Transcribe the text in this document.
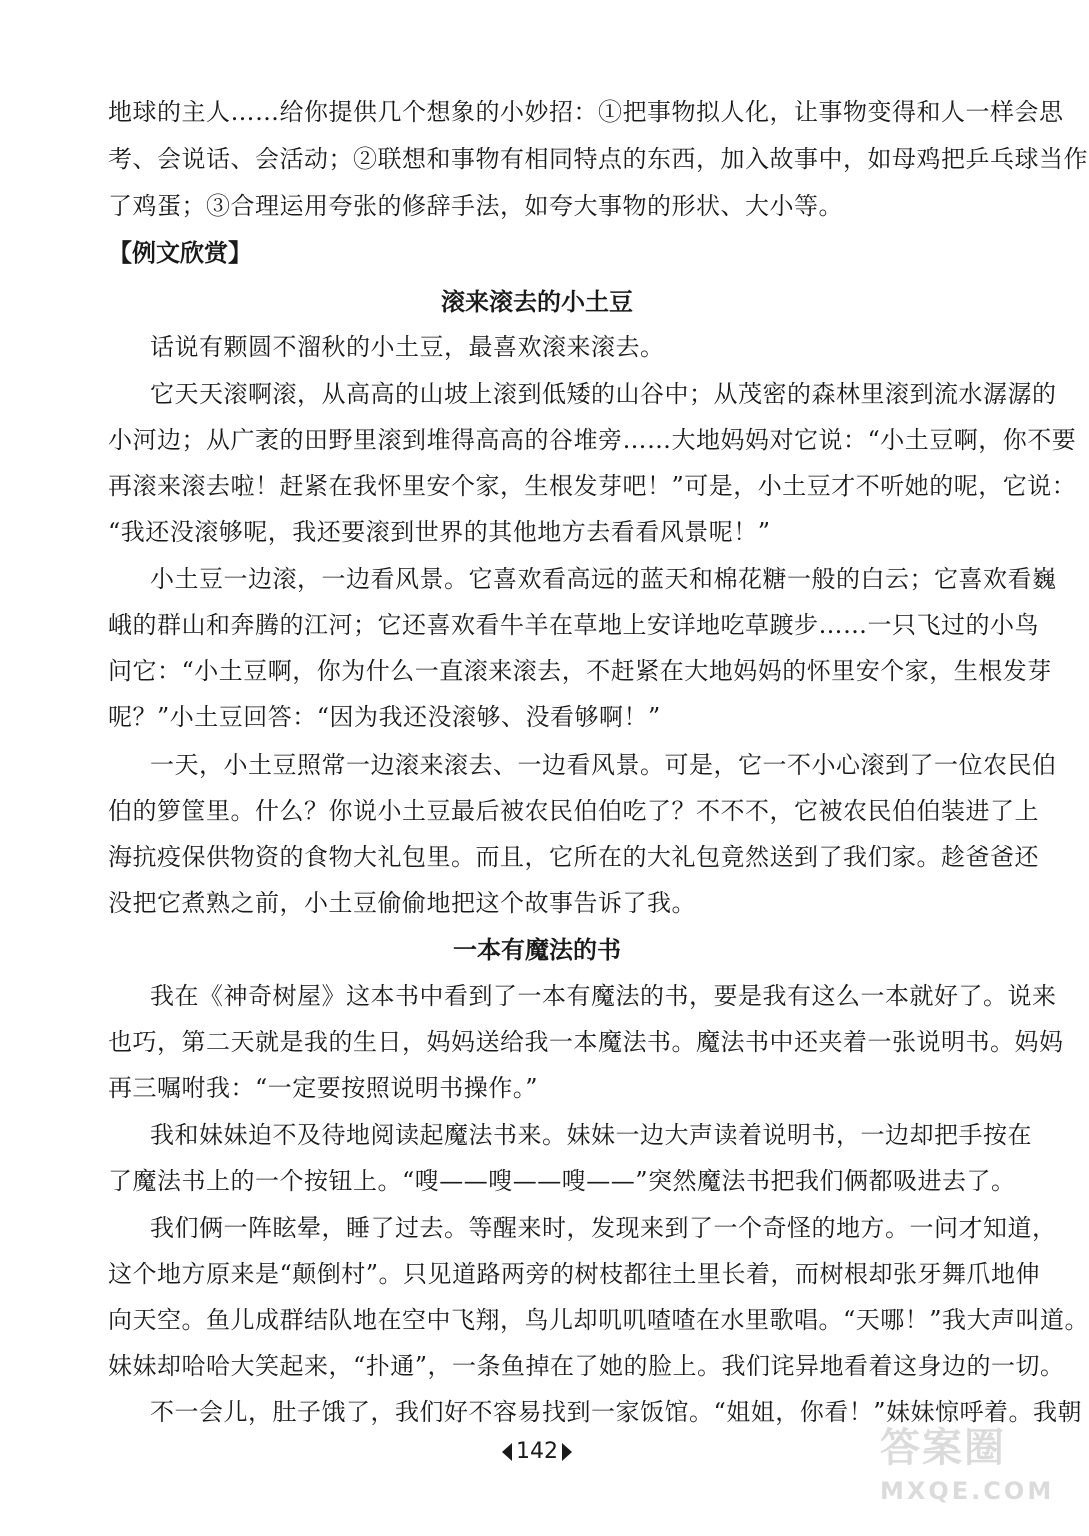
地球的主人……给你提供几个想象的小妙招：①把事物拟人化，让事物变得和人一样会思
考、会说话、会活动；②联想和事物有相同特点的东西，加入故事中，如母鸡把乒乓球当作
了鸡蛋；③合理运用夸张的修辞手法，如夸大事物的形状、大小等。
【例文欣赏】
滚来滚去的小土豆
话说有颗圆不溜秋的小土豆，最喜欢滚来滚去。
它天天滚啊滚，从高高的山坡上滚到低矮的山谷中；从茂密的森林里滚到流水潺潺的
小河边；从广袤的田野里滚到堆得高高的谷堆旁……大地妈妈对它说：“小土豆啊，你不要
再滚来滚去啦！赶紧在我怀里安个家，生根发芽吧！”可是，小土豆才不听她的呢，它说：
“我还没滚够呢，我还要滚到世界的其他地方去看看风景呢！”
小土豆一边滚，一边看风景。它喜欢看高远的蓝天和棉花糖一般的白云；它喜欢看巍
峨的群山和奔腾的江河；它还喜欢看牛羊在草地上安详地吃草踱步……一只飞过的小鸟
问它：“小土豆啊，你为什么一直滚来滚去，不赶紧在大地妈妈的怀里安个家，生根发芽
呢？”小土豆回答：“因为我还没滚够、没看够啊！”
一天，小土豆照常一边滚来滚去、一边看风景。可是，它一不小心滚到了一位农民伯
伯的箩筐里。什么？你说小土豆最后被农民伯伯吃了？不不不，它被农民伯伯装进了上
海抗疫保供物资的食物大礼包里。而且，它所在的大礼包竟然送到了我们家。趁爸爸还
没把它煮熟之前，小土豆偷偷地把这个故事告诉了我。
一本有魔法的书
我在《神奇树屋》这本书中看到了一本有魔法的书，要是我有这么一本就好了。说来
也巧，第二天就是我的生日，妈妈送给我一本魔法书。魔法书中还夹着一张说明书。妈妈
再三嘱咐我：“一定要按照说明书操作。”
我和妹妹迫不及待地阅读起魔法书来。妹妹一边大声读着说明书，一边却把手按在
了魔法书上的一个按钮上。“嗖——嗖——嗖——”突然魔法书把我们俩都吸进去了。
我们俩一阵眩晕，睡了过去。等醒来时，发现来到了一个奇怪的地方。一问才知道，
这个地方原来是“颠倒村”。只见道路两旁的树枝都往土里长着，而树根却张牙舞爪地伸
向天空。鱼儿成群结队地在空中飞翔，鸟儿却叽叽喳喳在水里歌唱。“天哪！”我大声叫道。
妹妹却哈哈大笑起来，“扑通”，一条鱼掉在了她的脸上。我们诧异地看着这身边的一切。
不一会儿，肚子饿了，我们好不容易找到一家饭馆。“姐姐，你看！”妹妹惊呼着。我朝
142	答案圈
MXQE.COM
